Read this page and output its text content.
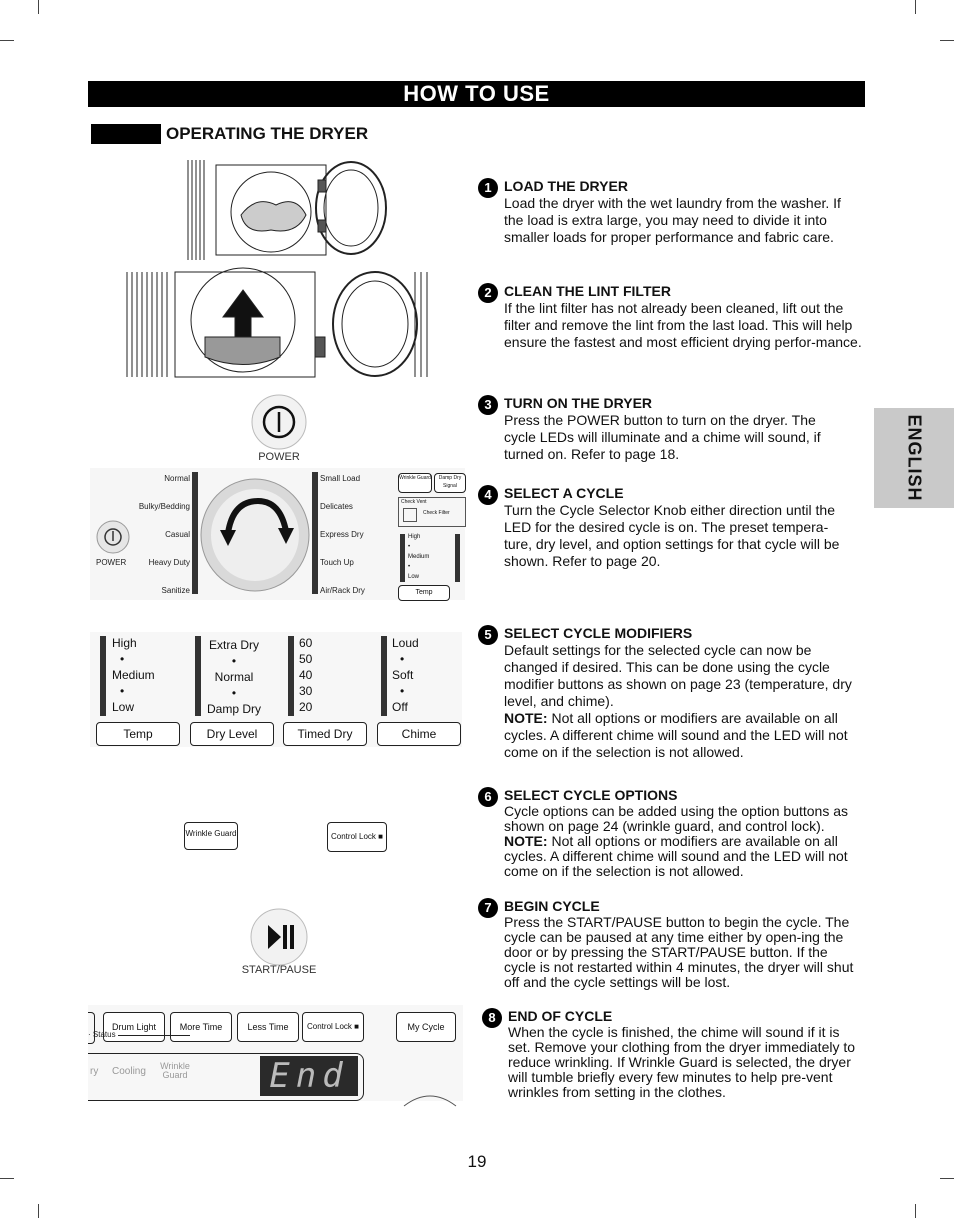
HOW TO USE
OPERATING THE DRYER
ENGLISH
POWER
Normal
Bulky/Bedding
Casual
Heavy Duty
Sanitize
Small Load
Delicates
Express Dry
Touch Up
Air/Rack Dry
POWER
Wrinkle Guard	Damp Dry Signal
Check Vent
Check Filter
High
•
Medium
•
Low
Temp
High
•
Medium
•
Low
Extra Dry
•
Normal
•
Damp Dry
60
50
40
30
20
Loud
•
Soft
•
Off
Temp	Dry Level	Timed Dry	Chime
Wrinkle Guard	Control Lock ■
START/PAUSE
Drum Light	More Time	Less Time	Control Lock ■	My Cycle
· Status
ry Cooling	Wrinkle Guard End
1 LOAD THE DRYER

Load the dryer with the wet laundry from the washer. If the load is extra large, you may need to divide it into smaller loads for proper performance and fabric care.

2 CLEAN THE LINT FILTER

If the lint filter has not already been cleaned, lift out the filter and remove the lint from the last load. This will help ensure the fastest and most efficient drying perfor-mance.

3 TURN ON THE DRYER

Press the POWER button to turn on the dryer. The cycle LEDs will illuminate and a chime will sound, if turned on. Refer to page 18.

4 SELECT A CYCLE

Turn the Cycle Selector Knob either direction until the LED for the desired cycle is on. The preset tempera-ture, dry level, and option settings for that cycle will be shown. Refer to page 20.

5 SELECT CYCLE MODIFIERS

Default settings for the selected cycle can now be changed if desired. This can be done using the cycle modifier buttons as shown on page 23 (temperature, dry level, and chime).

NOTE: Not all options or modifiers are available on all cycles. A different chime will sound and the LED will not come on if the selection is not allowed.

6 SELECT CYCLE OPTIONS

Cycle options can be added using the option buttons as shown on page 24 (wrinkle guard, and control lock).

NOTE: Not all options or modifiers are available on all cycles. A different chime will sound and the LED will not come on if the selection is not allowed.

7 BEGIN CYCLE

Press the START/PAUSE button to begin the cycle. The cycle can be paused at any time either by open-ing the door or by pressing the START/PAUSE button. If the cycle is not restarted within 4 minutes, the dryer will shut off and the cycle settings will be lost.

8 END OF CYCLE

When the cycle is finished, the chime will sound if it is set. Remove your clothing from the dryer immediately to reduce wrinkling. If Wrinkle Guard is selected, the dryer will tumble briefly every few minutes to help pre-vent wrinkles from setting in the clothes.

19
